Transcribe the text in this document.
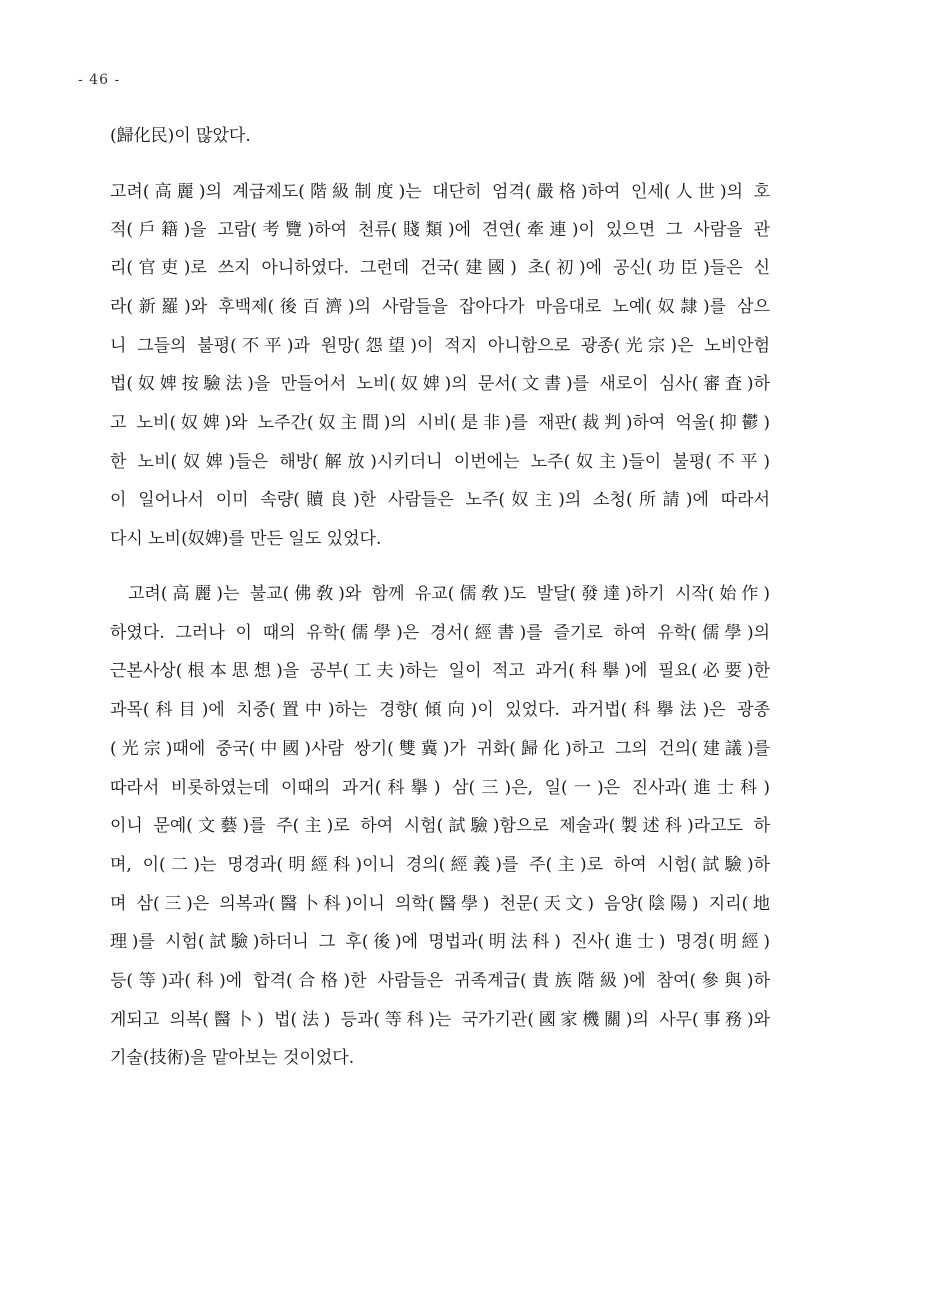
- 46 -
(歸化民)이 많았다.
고려(高麗)의 계급제도(階級制度)는 대단히 엄격(嚴格)하여 인세(人世)의 호
적(戶籍)을 고람(考覽)하여 천류(賤類)에 견연(牽連)이 있으면 그 사람을 관
리(官吏)로 쓰지 아니하였다. 그런데 건국(建國) 초(初)에 공신(功臣)들은 신
라(新羅)와 후백제(後百濟)의 사람들을 잡아다가 마음대로 노예(奴隷)를 삼으
니 그들의 불평(不平)과 원망(怨望)이 적지 아니함으로 광종(光宗)은 노비안험
법(奴婢按驗法)을 만들어서 노비(奴婢)의 문서(文書)를 새로이 심사(審査)하
고 노비(奴婢)와 노주간(奴主間)의 시비(是非)를 재판(裁判)하여 억울(抑鬱)
한 노비(奴婢)들은 해방(解放)시키더니 이번에는 노주(奴主)들이 불평(不平)
이 일어나서 이미 속량(贖良)한 사람들은 노주(奴主)의 소청(所請)에 따라서
다시 노비(奴婢)를 만든 일도 있었다.
고려(高麗)는 불교(佛敎)와 함께 유교(儒敎)도 발달(發達)하기 시작(始作)
하였다. 그러나 이 때의 유학(儒學)은 경서(經書)를 즐기로 하여 유학(儒學)의
근본사상(根本思想)을 공부(工夫)하는 일이 적고 과거(科擧)에 필요(必要)한
과목(科目)에 치중(置中)하는 경향(傾向)이 있었다. 과거법(科擧法)은 광종
(光宗)때에 중국(中國)사람 쌍기(雙冀)가 귀화(歸化)하고 그의 건의(建議)를
따라서 비롯하였는데 이때의 과거(科擧) 삼(三)은, 일(一)은 진사과(進士科)
이니 문예(文藝)를 주(主)로 하여 시험(試驗)함으로 제술과(製述科)라고도 하
며, 이(二)는 명경과(明經科)이니 경의(經義)를 주(主)로 하여 시험(試驗)하
며 삼(三)은 의복과(醫卜科)이니 의학(醫學) 천문(天文) 음양(陰陽) 지리(地
理)를 시험(試驗)하더니 그 후(後)에 명법과(明法科) 진사(進士) 명경(明經)
등(等)과(科)에 합격(合格)한 사람들은 귀족계급(貴族階級)에 참여(參與)하
게되고 의복(醫卜) 법(法) 등과(等科)는 국가기관(國家機關)의 사무(事務)와
기술(技術)을 맡아보는 것이었다.
